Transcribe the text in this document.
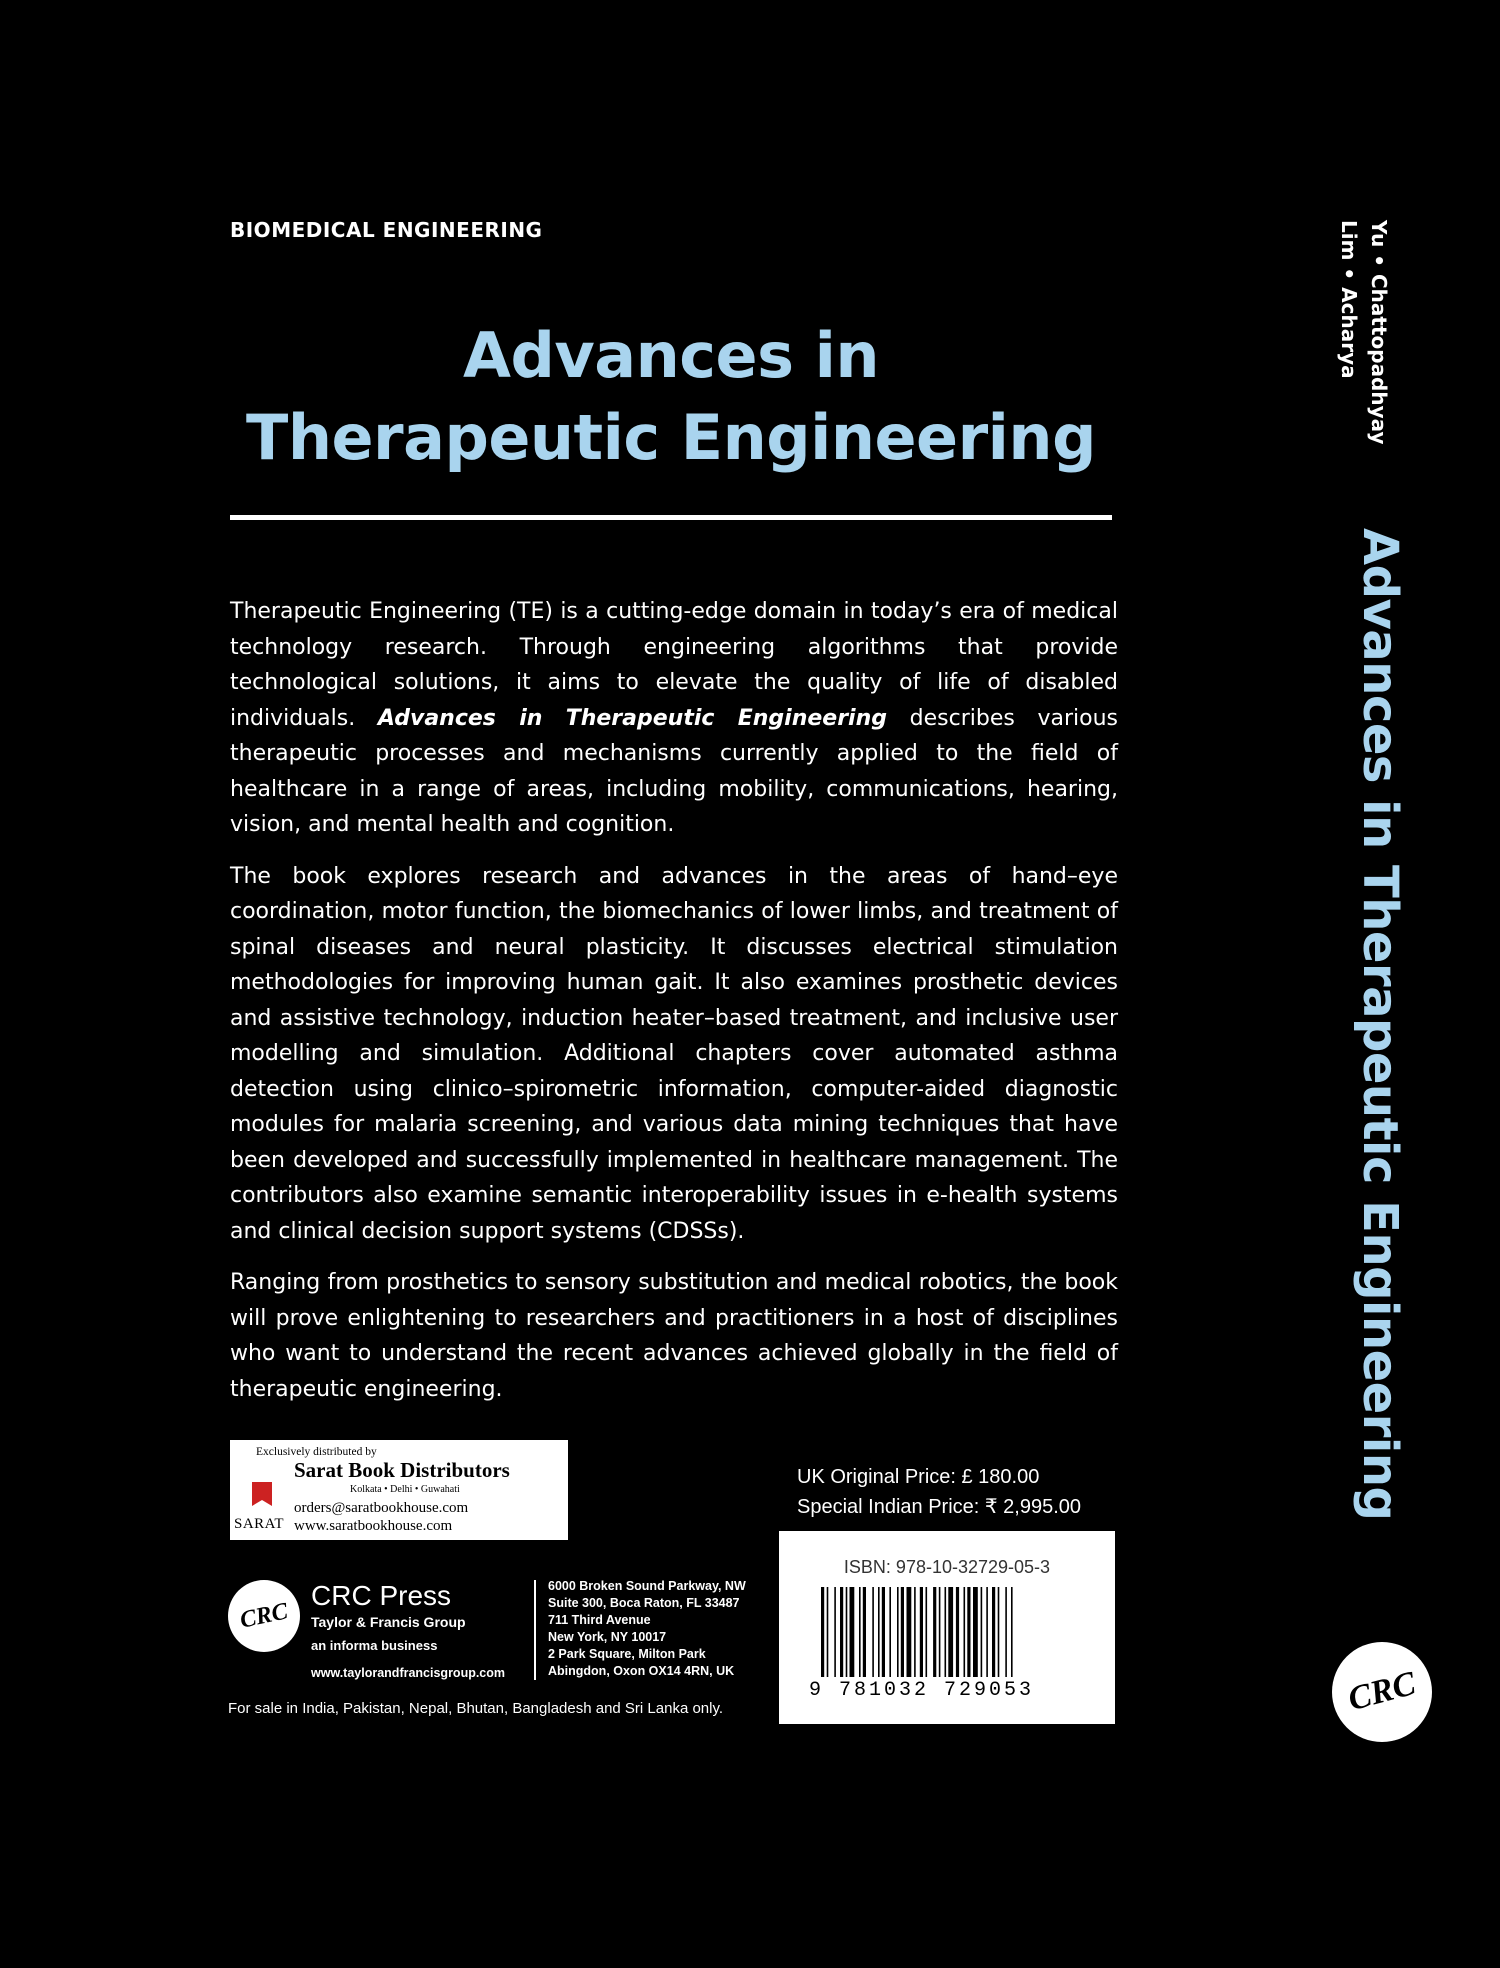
BIOMEDICAL ENGINEERING
Advances in
Therapeutic Engineering

Therapeutic Engineering (TE) is a cutting-edge domain in today’s era of medical technology research. Through engineering algorithms that provide technological solutions, it aims to elevate the quality of life of disabled individuals. Advances in Therapeutic Engineering describes various therapeutic processes and mechanisms currently applied to the field of healthcare in a range of areas, including mobility, communications, hearing, vision, and mental health and cognition.

The book explores research and advances in the areas of hand–eye coordination, motor function, the biomechanics of lower limbs, and treatment of spinal diseases and neural plasticity. It discusses electrical stimulation methodologies for improving human gait. It also examines prosthetic devices and assistive technology, induction heater–based treatment, and inclusive user modelling and simulation. Additional chapters cover automated asthma detection using clinico–spirometric information, computer-aided diagnostic modules for malaria screening, and various data mining techniques that have been developed and successfully implemented in healthcare management. The contributors also examine semantic interoperability issues in e-health systems and clinical decision support systems (CDSSs).

Ranging from prosthetics to sensory substitution and medical robotics, the book will prove enlightening to researchers and practitioners in a host of disciplines who want to understand the recent advances achieved globally in the field of therapeutic engineering.

Exclusively distributed by
Sarat Book Distributors
Kolkata • Delhi • Guwahati
SARAT
orders@saratbookhouse.com
www.saratbookhouse.com
UK Original Price: £ 180.00
Special Indian Price: ₹ 2,995.00
CRC
CRC Press
Taylor & Francis Group
an informa business
www.taylorandfrancisgroup.com
6000 Broken Sound Parkway, NW
Suite 300, Boca Raton, FL 33487
711 Third Avenue
New York, NY 10017
2 Park Square, Milton Park
Abingdon, Oxon OX14 4RN, UK
For sale in India, Pakistan, Nepal, Bhutan, Bangladesh and Sri Lanka only.
ISBN: 978-10-32729-05-3
9 781032 729053
Yu • Chattopadhyay
Lim • Acharya
Advances in Therapeutic Engineering
CRC
